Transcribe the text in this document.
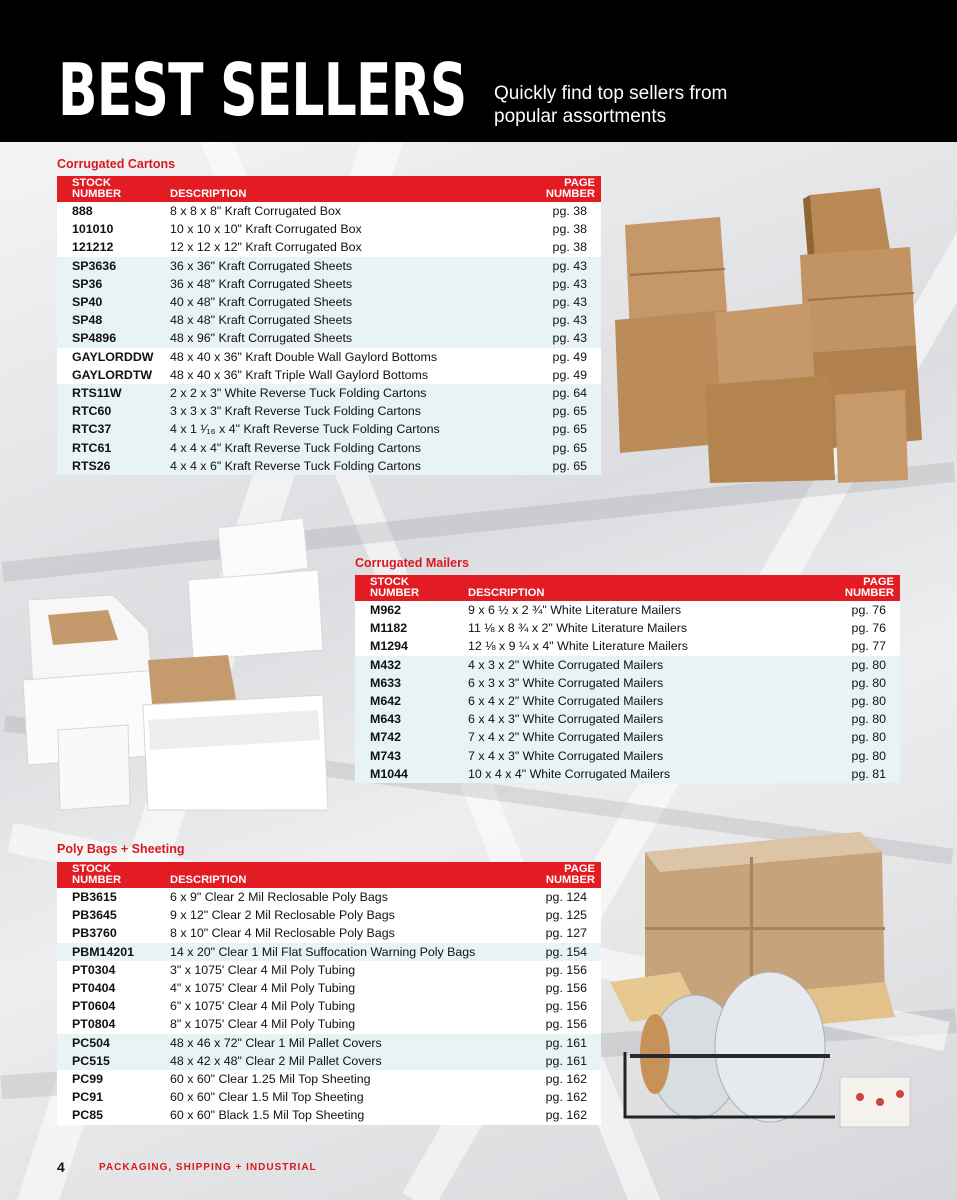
BEST SELLERS Quickly find top sellers from popular assortments
Corrugated Cartons
STOCK
NUMBER	DESCRIPTION	PAGE
NUMBER
888	8 x 8 x 8" Kraft Corrugated Box	pg. 38
101010	10 x 10 x 10" Kraft Corrugated Box	pg. 38
121212	12 x 12 x 12" Kraft Corrugated Box	pg. 38
SP3636	36 x 36" Kraft Corrugated Sheets	pg. 43
SP36	36 x 48" Kraft Corrugated Sheets	pg. 43
SP40	40 x 48" Kraft Corrugated Sheets	pg. 43
SP48	48 x 48" Kraft Corrugated Sheets	pg. 43
SP4896	48 x 96" Kraft Corrugated Sheets	pg. 43
GAYLORDDW	48 x 40 x 36" Kraft Double Wall Gaylord Bottoms	pg. 49
GAYLORDTW	48 x 40 x 36" Kraft Triple Wall Gaylord Bottoms	pg. 49
RTS11W	2 x 2 x 3" White Reverse Tuck Folding Cartons	pg. 64
RTC60	3 x 3 x 3" Kraft Reverse Tuck Folding Cartons	pg. 65
RTC37	4 x 1 ¹⁄₁₆ x 4" Kraft Reverse Tuck Folding Cartons	pg. 65
RTC61	4 x 4 x 4" Kraft Reverse Tuck Folding Cartons	pg. 65
RTS26	4 x 4 x 6" Kraft Reverse Tuck Folding Cartons	pg. 65
Corrugated Mailers
STOCK
NUMBER	DESCRIPTION	PAGE
NUMBER
M962	9 x 6 ½ x 2 ¾" White Literature Mailers	pg. 76
M1182	11 ⅛ x 8 ¾ x 2" White Literature Mailers	pg. 76
M1294	12 ⅛ x 9 ¼ x 4" White Literature Mailers	pg. 77
M432	4 x 3 x 2" White Corrugated Mailers	pg. 80
M633	6 x 3 x 3" White Corrugated Mailers	pg. 80
M642	6 x 4 x 2" White Corrugated Mailers	pg. 80
M643	6 x 4 x 3" White Corrugated Mailers	pg. 80
M742	7 x 4 x 2" White Corrugated Mailers	pg. 80
M743	7 x 4 x 3" White Corrugated Mailers	pg. 80
M1044	10 x 4 x 4" White Corrugated Mailers	pg. 81
Poly Bags + Sheeting
STOCK
NUMBER	DESCRIPTION	PAGE
NUMBER
PB3615	6 x 9" Clear 2 Mil Reclosable Poly Bags	pg. 124
PB3645	9 x 12" Clear 2 Mil Reclosable Poly Bags	pg. 125
PB3760	8 x 10" Clear 4 Mil Reclosable Poly Bags	pg. 127
PBM14201	14 x 20" Clear 1 Mil Flat Suffocation Warning Poly Bags	pg. 154
PT0304	3" x 1075' Clear 4 Mil Poly Tubing	pg. 156
PT0404	4" x 1075' Clear 4 Mil Poly Tubing	pg. 156
PT0604	6" x 1075' Clear 4 Mil Poly Tubing	pg. 156
PT0804	8" x 1075' Clear 4 Mil Poly Tubing	pg. 156
PC504	48 x 46 x 72" Clear 1 Mil Pallet Covers	pg. 161
PC515	48 x 42 x 48" Clear 2 Mil Pallet Covers	pg. 161
PC99	60 x 60" Clear 1.25 Mil Top Sheeting	pg. 162
PC91	60 x 60" Clear 1.5 Mil Top Sheeting	pg. 162
PC85	60 x 60" Black 1.5 Mil Top Sheeting	pg. 162
4	PACKAGING, SHIPPING + INDUSTRIAL
